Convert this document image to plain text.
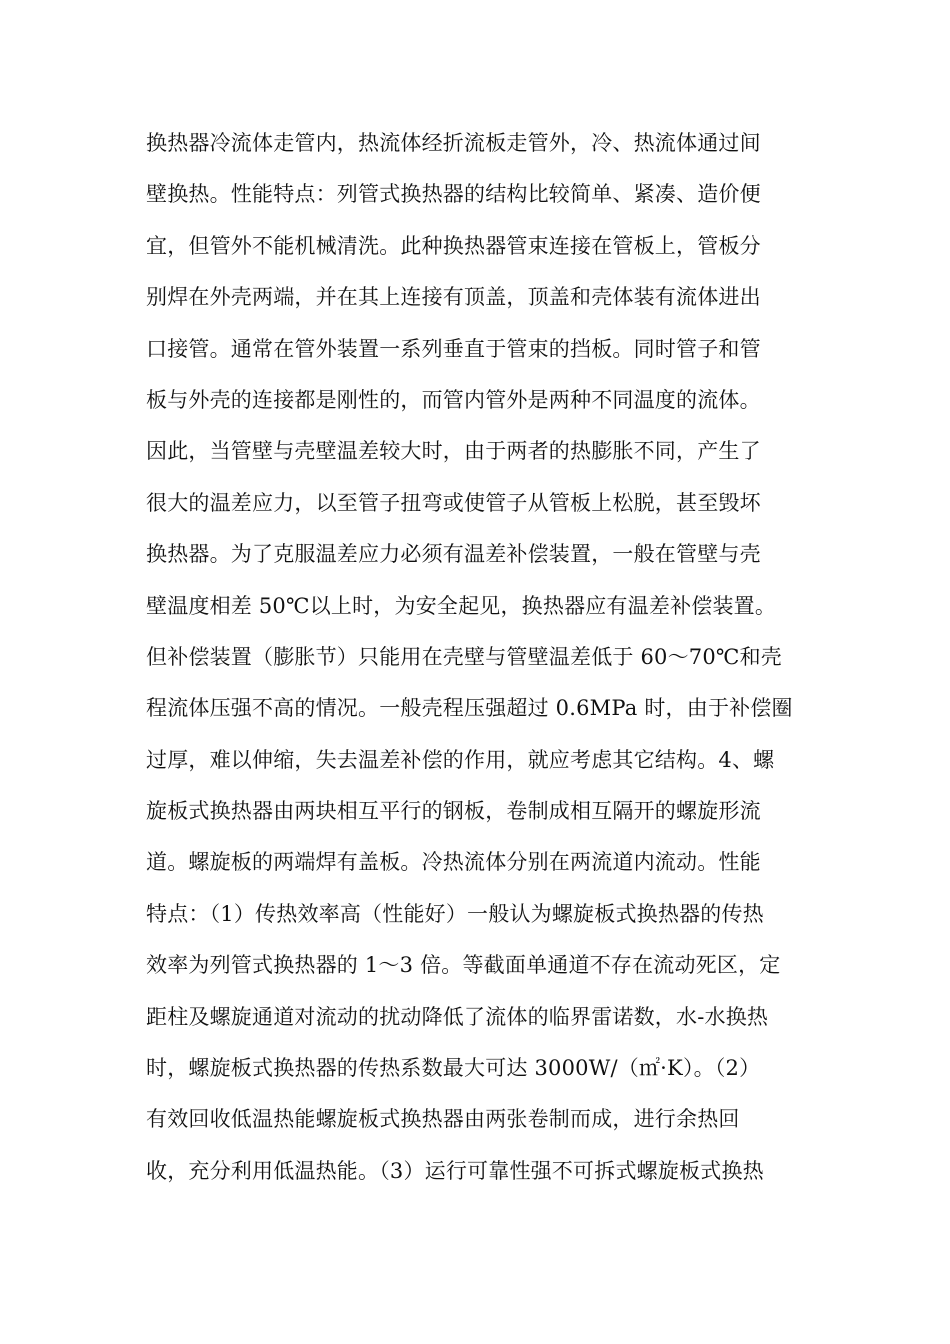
换热器冷流体走管内，热流体经折流板走管外，冷、热流体通过间
壁换热。性能特点：列管式换热器的结构比较简单、紧凑、造价便
宜，但管外不能机械清洗。此种换热器管束连接在管板上，管板分
别焊在外壳两端，并在其上连接有顶盖，顶盖和壳体装有流体进出
口接管。通常在管外装置一系列垂直于管束的挡板。同时管子和管
板与外壳的连接都是刚性的，而管内管外是两种不同温度的流体。
因此，当管壁与壳壁温差较大时，由于两者的热膨胀不同，产生了
很大的温差应力，以至管子扭弯或使管子从管板上松脱，甚至毁坏
换热器。为了克服温差应力必须有温差补偿装置，一般在管壁与壳
壁温度相差 50℃以上时，为安全起见，换热器应有温差补偿装置。
但补偿装置（膨胀节）只能用在壳壁与管壁温差低于 60～70℃和壳
程流体压强不高的情况。一般壳程压强超过 0.6MPa 时，由于补偿圈
过厚，难以伸缩，失去温差补偿的作用，就应考虑其它结构。4、螺
旋板式换热器由两块相互平行的钢板，卷制成相互隔开的螺旋形流
道。螺旋板的两端焊有盖板。冷热流体分别在两流道内流动。性能
特点：（1）传热效率高（性能好）一般认为螺旋板式换热器的传热
效率为列管式换热器的 1～3 倍。等截面单通道不存在流动死区，定
距柱及螺旋通道对流动的扰动降低了流体的临界雷诺数，水-水换热
时，螺旋板式换热器的传热系数最大可达 3000W/（㎡·K）。（2）
有效回收低温热能螺旋板式换热器由两张卷制而成，进行余热回
收，充分利用低温热能。（3）运行可靠性强不可拆式螺旋板式换热
